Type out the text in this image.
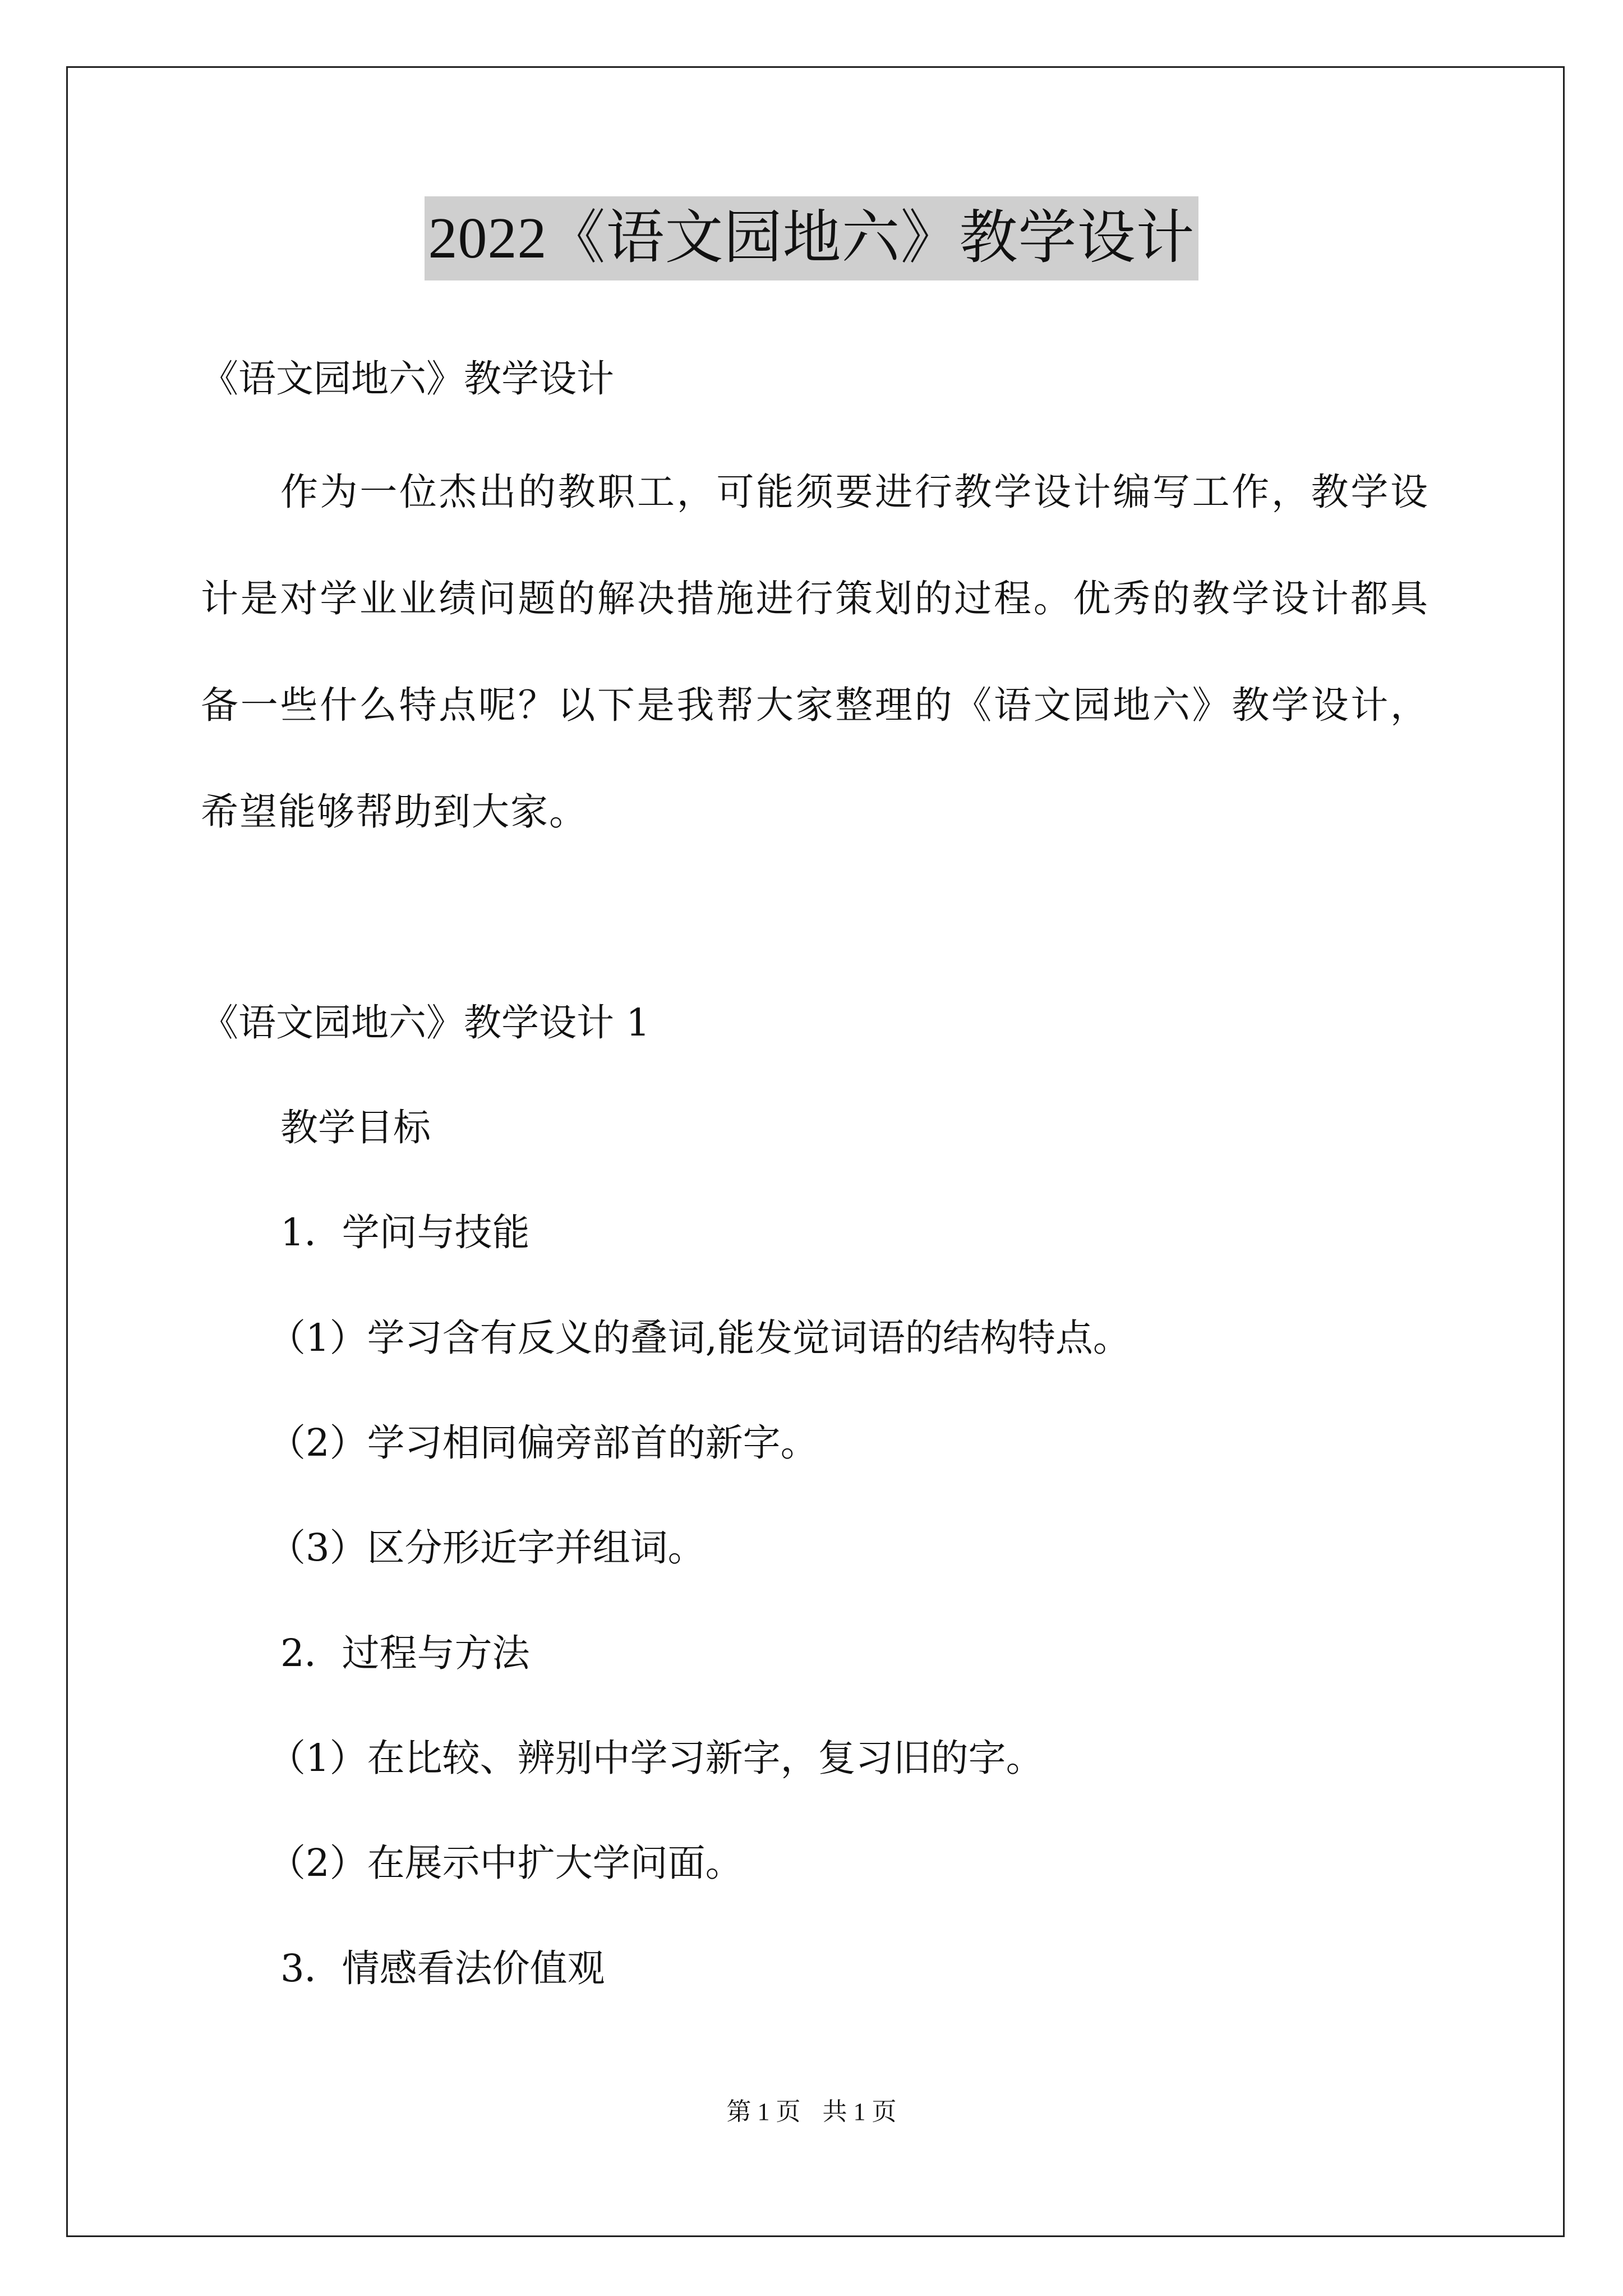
2022《语文园地六》教学设计
《语文园地六》教学设计
作为一位杰出的教职工，可能须要进行教学设计编写工作，教学设计是对学业业绩问题的解决措施进行策划的过程。优秀的教学设计都具备一些什么特点呢？以下是我帮大家整理的《语文园地六》教学设计，希望能够帮助到大家。
《语文园地六》教学设计 1
教学目标
1．学问与技能
（1）学习含有反义的叠词,能发觉词语的结构特点。
（2）学习相同偏旁部首的新字。
（3）区分形近字并组词。
2．过程与方法
（1）在比较、辨别中学习新字，复习旧的字。
（2）在展示中扩大学问面。
3．情感看法价值观
第 1 页 共 1 页
